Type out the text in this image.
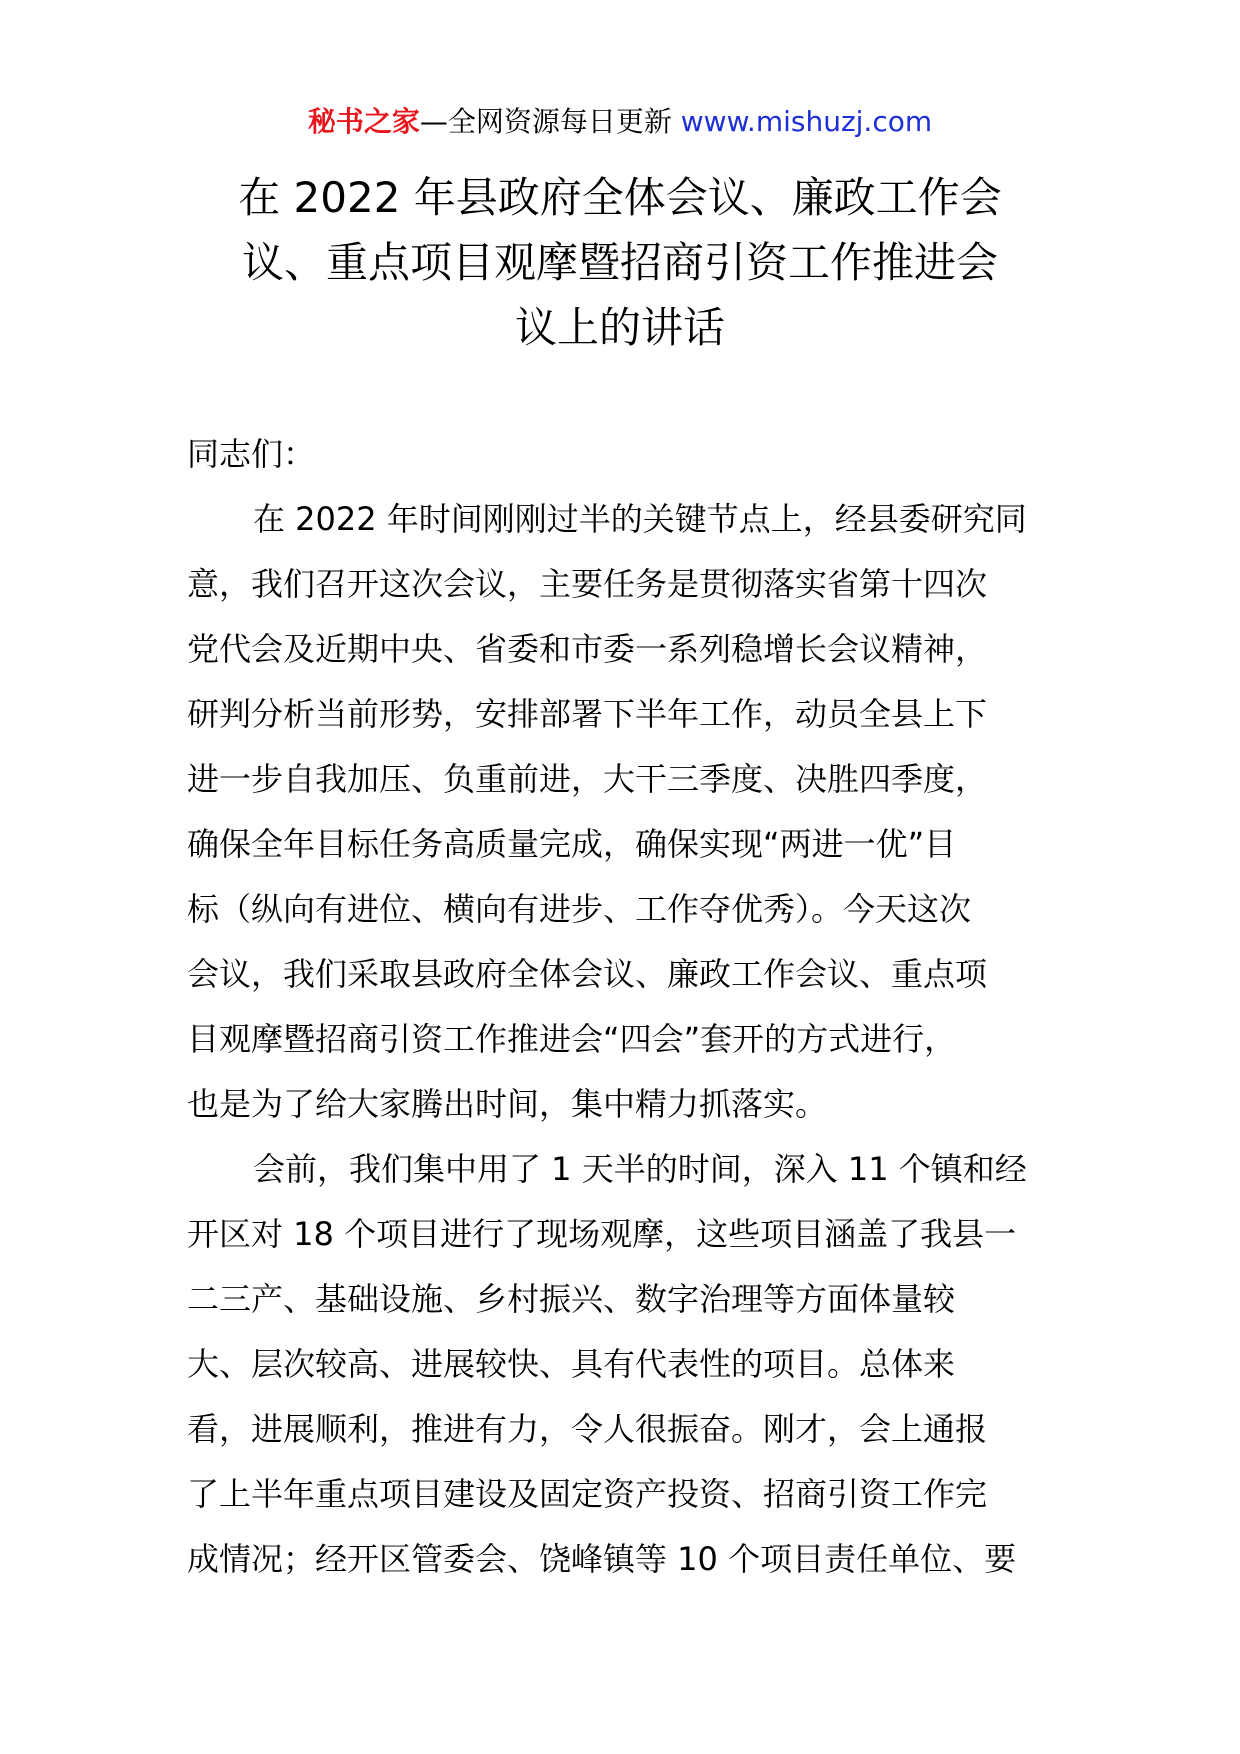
秘书之家—全网资源每日更新 www.mishuzj.com
在 2022 年县政府全体会议、廉政工作会
议、重点项目观摩暨招商引资工作推进会
议上的讲话

同志们：

在 2022 年时间刚刚过半的关键节点上，经县委研究同
意，我们召开这次会议，主要任务是贯彻落实省第十四次
党代会及近期中央、省委和市委一系列稳增长会议精神，
研判分析当前形势，安排部署下半年工作，动员全县上下
进一步自我加压、负重前进，大干三季度、决胜四季度，
确保全年目标任务高质量完成，确保实现“两进一优”目
标（纵向有进位、横向有进步、工作夺优秀）。今天这次
会议，我们采取县政府全体会议、廉政工作会议、重点项
目观摩暨招商引资工作推进会“四会”套开的方式进行，
也是为了给大家腾出时间，集中精力抓落实。

会前，我们集中用了 1 天半的时间，深入 11 个镇和经
开区对 18 个项目进行了现场观摩，这些项目涵盖了我县一
二三产、基础设施、乡村振兴、数字治理等方面体量较
大、层次较高、进展较快、具有代表性的项目。总体来
看，进展顺利，推进有力，令人很振奋。刚才，会上通报
了上半年重点项目建设及固定资产投资、招商引资工作完
成情况；经开区管委会、饶峰镇等 10 个项目责任单位、要
